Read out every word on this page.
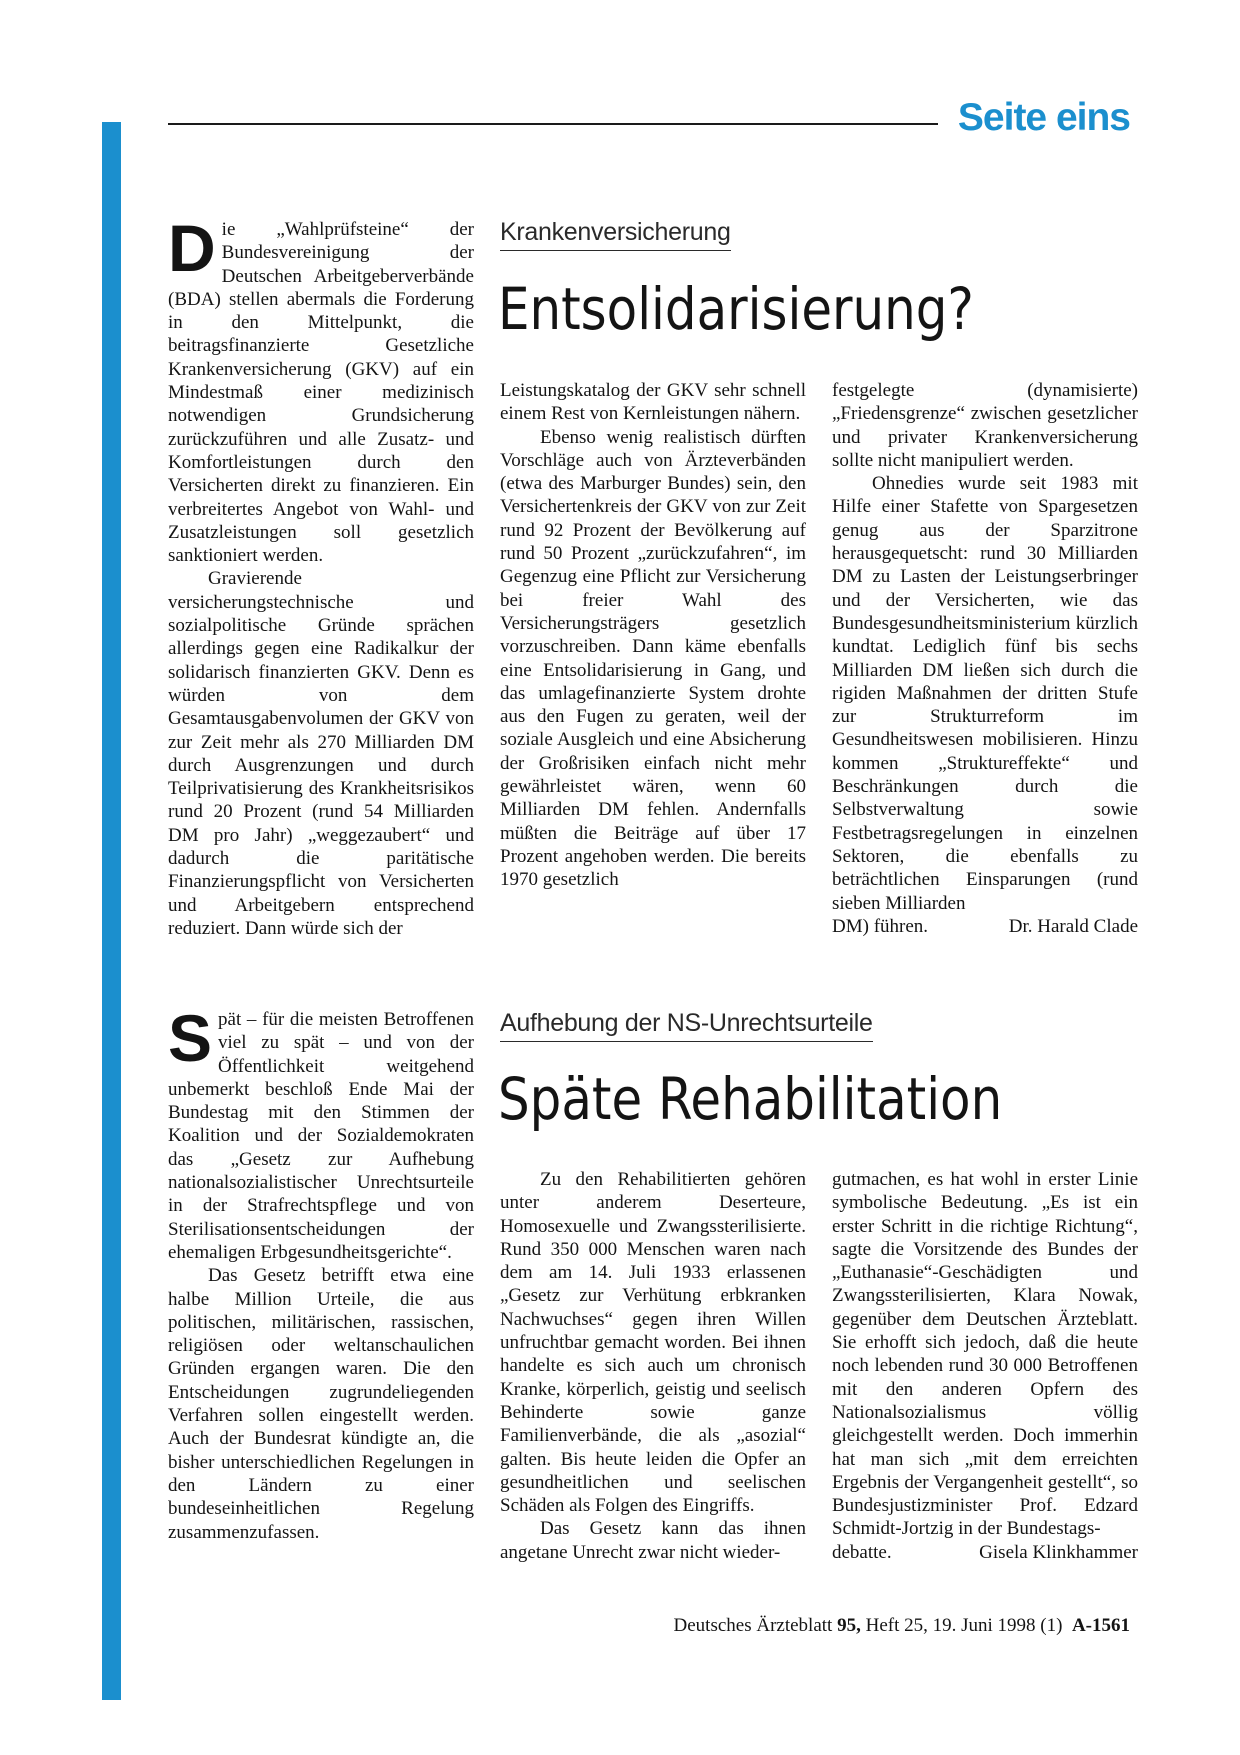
Seite eins

Die „Wahlprüfsteine“ der Bundesvereinigung der Deutschen Arbeitgeberverbände (BDA) stellen abermals die Forderung in den Mittelpunkt, die beitragsfinanzierte Gesetzliche Krankenversicherung (GKV) auf ein Mindestmaß einer medizinisch notwendigen Grundsicherung zurückzuführen und alle Zusatz- und Komfortleistungen durch den Versicherten direkt zu finanzieren. Ein verbreitertes Angebot von Wahl- und Zusatzleistungen soll gesetzlich sanktioniert werden.

Gravierende versicherungstechnische und sozialpolitische Gründe sprächen allerdings gegen eine Radikalkur der solidarisch finanzierten GKV. Denn es würden von dem Gesamtausgabenvolumen der GKV von zur Zeit mehr als 270 Milliarden DM durch Ausgrenzungen und durch Teilprivatisierung des Krankheitsrisikos rund 20 Prozent (rund 54 Milliarden DM pro Jahr) „weggezaubert“ und dadurch die paritätische Finanzierungspflicht von Versicherten und Arbeitgebern entsprechend reduziert. Dann würde sich der

Krankenversicherung
Entsolidarisierung?

Leistungskatalog der GKV sehr schnell einem Rest von Kernleistungen nähern.

Ebenso wenig realistisch dürften Vorschläge auch von Ärzteverbänden (etwa des Marburger Bundes) sein, den Versichertenkreis der GKV von zur Zeit rund 92 Prozent der Bevölkerung auf rund 50 Prozent „zurückzufahren“, im Gegenzug eine Pflicht zur Versicherung bei freier Wahl des Versicherungsträgers gesetzlich vorzuschreiben. Dann käme ebenfalls eine Entsolidarisierung in Gang, und das umlagefinanzierte System drohte aus den Fugen zu geraten, weil der soziale Ausgleich und eine Absicherung der Großrisiken einfach nicht mehr gewährleistet wären, wenn 60 Milliarden DM fehlen. Andernfalls müßten die Beiträge auf über 17 Prozent angehoben werden. Die bereits 1970 gesetzlich

festgelegte (dynamisierte) „Friedensgrenze“ zwischen gesetzlicher und privater Krankenversicherung sollte nicht manipuliert werden.

Ohnedies wurde seit 1983 mit Hilfe einer Stafette von Spargesetzen genug aus der Sparzitrone herausgequetscht: rund 30 Milliarden DM zu Lasten der Leistungserbringer und der Versicherten, wie das Bundesgesundheitsministerium kürzlich kundtat. Lediglich fünf bis sechs Milliarden DM ließen sich durch die rigiden Maßnahmen der dritten Stufe zur Strukturreform im Gesundheitswesen mobilisieren. Hinzu kommen „Struktureffekte“ und Beschränkungen durch die Selbstverwaltung sowie Festbetragsregelungen in einzelnen Sektoren, die ebenfalls zu beträchtlichen Einsparungen (rund sieben Milliarden

DM) führen.	Dr. Harald Clade

Spät – für die meisten Betroffenen viel zu spät – und von der Öffentlichkeit weitgehend unbemerkt beschloß Ende Mai der Bundestag mit den Stimmen der Koalition und der Sozialdemokraten das „Gesetz zur Aufhebung nationalsozialistischer Unrechtsurteile in der Strafrechtspflege und von Sterilisationsentscheidungen der ehemaligen Erbgesundheitsgerichte“.

Das Gesetz betrifft etwa eine halbe Million Urteile, die aus politischen, militärischen, rassischen, religiösen oder weltanschaulichen Gründen ergangen waren. Die den Entscheidungen zugrundeliegenden Verfahren sollen eingestellt werden. Auch der Bundesrat kündigte an, die bisher unterschiedlichen Regelungen in den Ländern zu einer bundeseinheitlichen Regelung zusammenzufassen.

Aufhebung der NS-Unrechtsurteile
Späte Rehabilitation

Zu den Rehabilitierten gehören unter anderem Deserteure, Homosexuelle und Zwangssterilisierte. Rund 350 000 Menschen waren nach dem am 14. Juli 1933 erlassenen „Gesetz zur Verhütung erbkranken Nachwuchses“ gegen ihren Willen unfruchtbar gemacht worden. Bei ihnen handelte es sich auch um chronisch Kranke, körperlich, geistig und seelisch Behinderte sowie ganze Familienverbände, die als „asozial“ galten. Bis heute leiden die Opfer an gesundheitlichen und seelischen Schäden als Folgen des Eingriffs.

Das Gesetz kann das ihnen angetane Unrecht zwar nicht wieder-

gutmachen, es hat wohl in erster Linie symbolische Bedeutung. „Es ist ein erster Schritt in die richtige Richtung“, sagte die Vorsitzende des Bundes der „Euthanasie“-Geschädigten und Zwangssterilisierten, Klara Nowak, gegenüber dem Deutschen Ärzteblatt. Sie erhofft sich jedoch, daß die heute noch lebenden rund 30 000 Betroffenen mit den anderen Opfern des Nationalsozialismus völlig gleichgestellt werden. Doch immerhin hat man sich „mit dem erreichten Ergebnis der Vergangenheit gestellt“, so Bundesjustizminister Prof. Edzard Schmidt-Jortzig in der Bundestags-

debatte.	Gisela Klinkhammer

Deutsches Ärzteblatt 95, Heft 25, 19. Juni 1998 (1) A-1561
